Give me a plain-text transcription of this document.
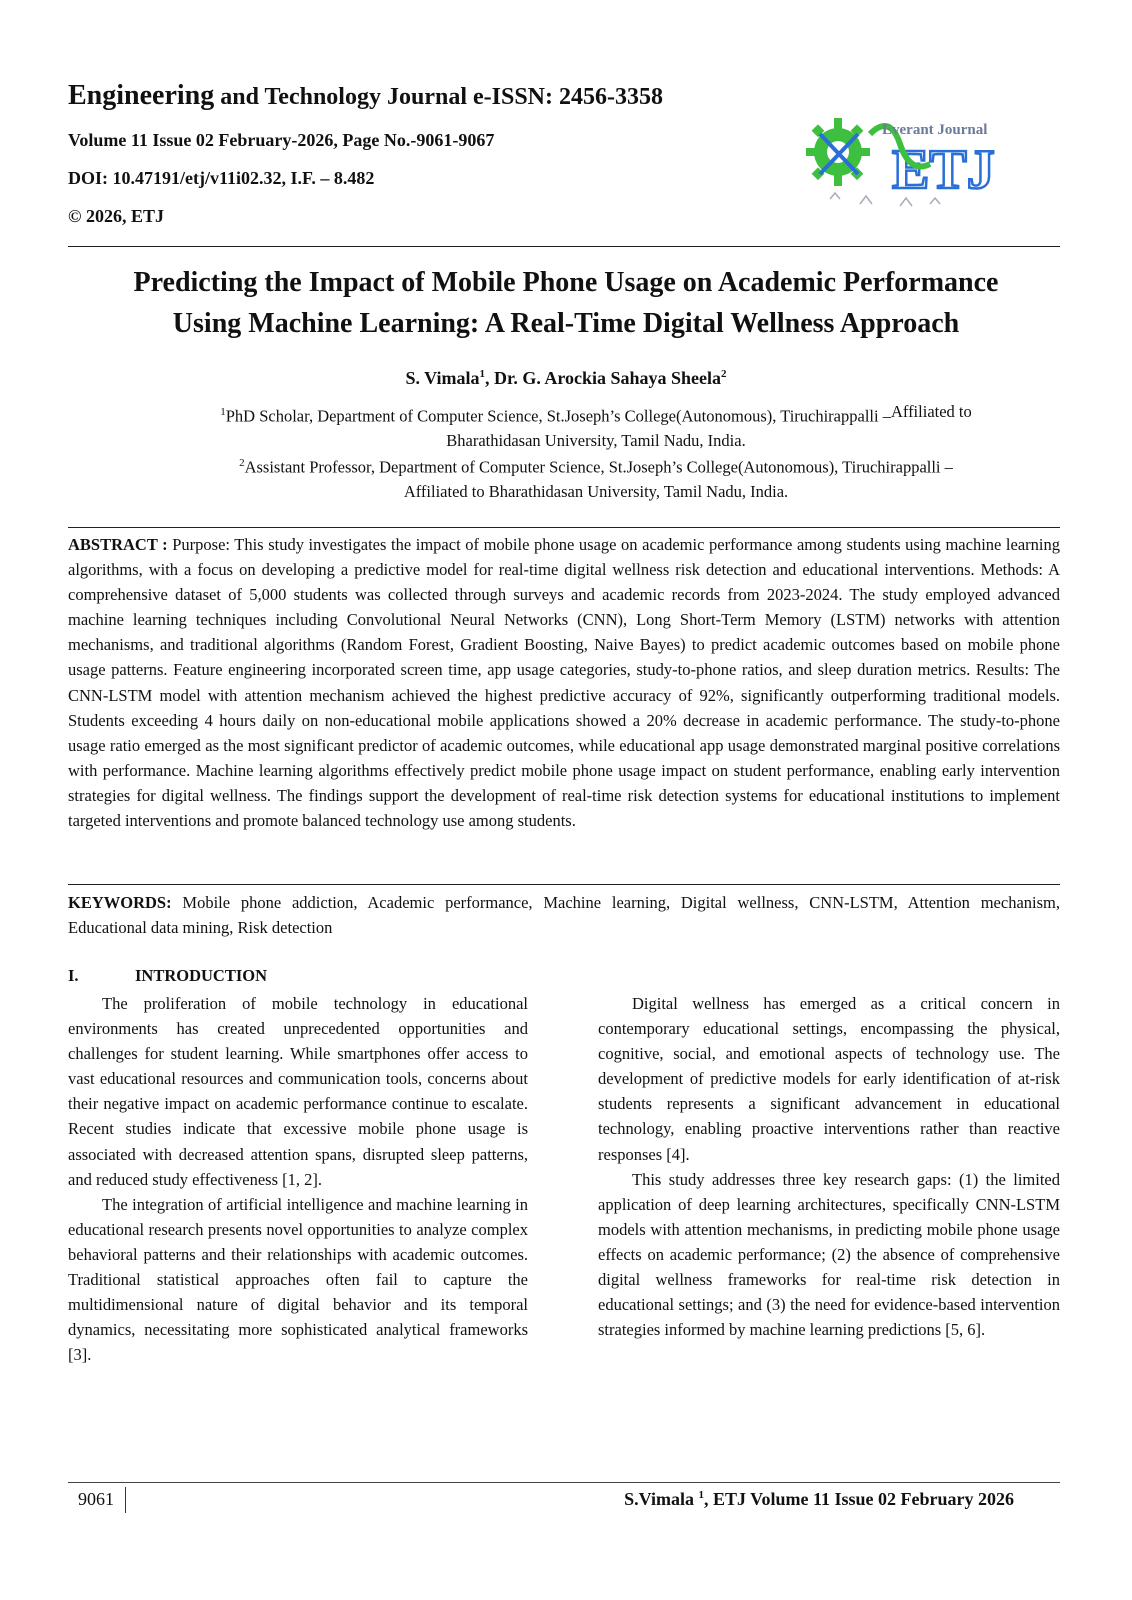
Engineering and Technology Journal e-ISSN: 2456-3358
Volume 11 Issue 02 February-2026, Page No.-9061-9067
DOI: 10.47191/etj/v11i02.32, I.F. – 8.482
© 2026, ETJ
ETJ
Everant Journal
Predicting the Impact of Mobile Phone Usage on Academic Performance
Using Machine Learning: A Real-Time Digital Wellness Approach
S. Vimala$^1$, Dr. G. Arockia Sahaya Sheela$^2$
$^1$PhD Scholar, Department of Computer Science, St.Joseph’s College(Autonomous), Tiruchirappalli –Affiliated to
Bharathidasan University, Tamil Nadu, India.
$^2$Assistant Professor, Department of Computer Science, St.Joseph’s College(Autonomous), Tiruchirappalli –
Affiliated to Bharathidasan University, Tamil Nadu, India.
ABSTRACT : Purpose: This study investigates the impact of mobile phone usage on academic performance among students using machine learning algorithms, with a focus on developing a predictive model for real-time digital wellness risk detection and educational interventions. Methods: A comprehensive dataset of 5,000 students was collected through surveys and academic records from 2023-2024. The study employed advanced machine learning techniques including Convolutional Neural Networks (CNN), Long Short-Term Memory (LSTM) networks with attention mechanisms, and traditional algorithms (Random Forest, Gradient Boosting, Naive Bayes) to predict academic outcomes based on mobile phone usage patterns. Feature engineering incorporated screen time, app usage categories, study-to-phone ratios, and sleep duration metrics. Results: The CNN-LSTM model with attention mechanism achieved the highest predictive accuracy of 92%, significantly outperforming traditional models. Students exceeding 4 hours daily on non-educational mobile applications showed a 20% decrease in academic performance. The study-to-phone usage ratio emerged as the most significant predictor of academic outcomes, while educational app usage demonstrated marginal positive correlations with performance. Machine learning algorithms effectively predict mobile phone usage impact on student performance, enabling early intervention strategies for digital wellness. The findings support the development of real-time risk detection systems for educational institutions to implement targeted interventions and promote balanced technology use among students.
KEYWORDS: Mobile phone addiction, Academic performance, Machine learning, Digital wellness, CNN-LSTM, Attention mechanism, Educational data mining, Risk detection
I.	INTRODUCTION

The proliferation of mobile technology in educational environments has created unprecedented opportunities and challenges for student learning. While smartphones offer access to vast educational resources and communication tools, concerns about their negative impact on academic performance continue to escalate. Recent studies indicate that excessive mobile phone usage is associated with decreased attention spans, disrupted sleep patterns, and reduced study effectiveness [1, 2].

The integration of artificial intelligence and machine learning in educational research presents novel opportunities to analyze complex behavioral patterns and their relationships with academic outcomes. Traditional statistical approaches often fail to capture the multidimensional nature of digital behavior and its temporal dynamics, necessitating more sophisticated analytical frameworks [3].

Digital wellness has emerged as a critical concern in contemporary educational settings, encompassing the physical, cognitive, social, and emotional aspects of technology use. The development of predictive models for early identification of at-risk students represents a significant advancement in educational technology, enabling proactive interventions rather than reactive responses [4].

This study addresses three key research gaps: (1) the limited application of deep learning architectures, specifically CNN-LSTM models with attention mechanisms, in predicting mobile phone usage effects on academic performance; (2) the absence of comprehensive digital wellness frameworks for real-time risk detection in educational settings; and (3) the need for evidence-based intervention strategies informed by machine learning predictions [5, 6].

9061	S.Vimala $^1$, ETJ Volume 11 Issue 02 February 2026
